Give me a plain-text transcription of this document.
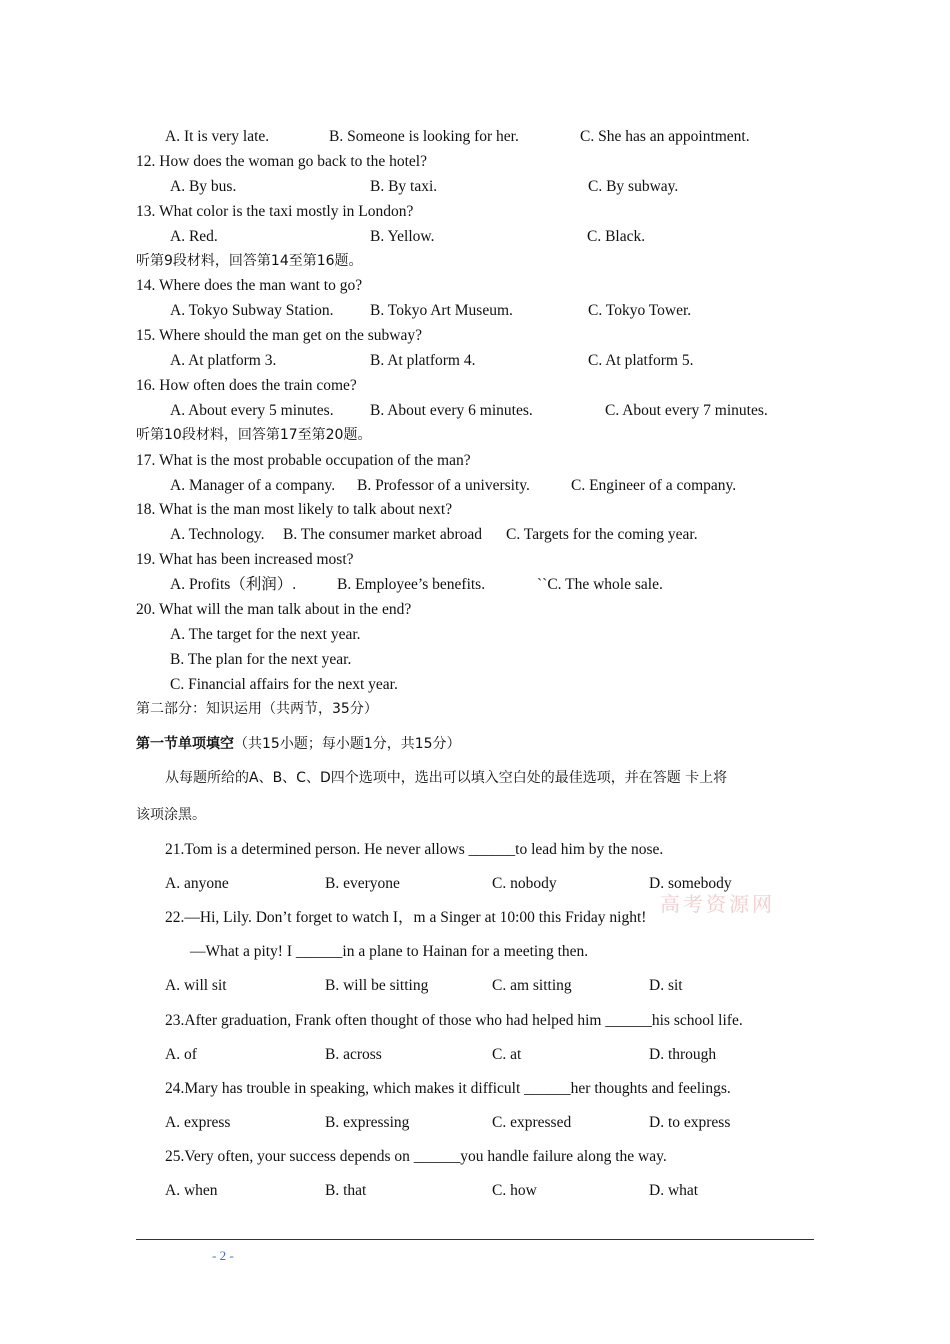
A. It is very late.	B. Someone is looking for her.	C. She has an appointment.
12. How does the woman go back to the hotel?
A. By bus.	B. By taxi.	C. By subway.
13. What color is the taxi mostly in London?
A. Red.	B. Yellow.	C. Black.
听第9段材料，回答第14至第16题。
14. Where does the man want to go?
A. Tokyo Subway Station. B. Tokyo Art Museum.	C. Tokyo Tower.
15. Where should the man get on the subway?
A. At platform 3.	B. At platform 4.	C. At platform 5.
16. How often does the train come?
A. About every 5 minutes. B. About every 6 minutes.	C. About every 7 minutes.
听第10段材料，回答第17至第20题。
17. What is the most probable occupation of the man?
A. Manager of a company. B. Professor of a university.	C. Engineer of a company.
18. What is the man most likely to talk about next?
A. Technology. B. The consumer market abroad C. Targets for the coming year.
19. What has been increased most?
A. Profits（利润）.	B. Employee’s benefits.	``C. The whole sale.
20. What will the man talk about in the end?
A. The target for the next year.
B. The plan for the next year.
C. Financial affairs for the next year.
第二部分：知识运用（共两节，35分）
第一节单项填空（共15小题；每小题1分，共15分）
从每题所给的A、B、C、D四个选项中，选出可以填入空白处的最佳选项，并在答题 卡上将
该项涂黑。
21.Tom is a determined person. He never allows ______to lead him by the nose.
A. anyone	B. everyone	C. nobody	D. somebody
高考资源网
22.—Hi, Lily. Don’t forget to watch I，m a Singer at 10:00 this Friday night!
—What a pity! I ______in a plane to Hainan for a meeting then.
A. will sit	B. will be sitting	C. am sitting	D. sit
23.After graduation, Frank often thought of those who had helped him ______his school life.
A. of	B. across	C. at	D. through
24.Mary has trouble in speaking, which makes it difficult ______her thoughts and feelings.
A. express	B. expressing	C. expressed	D. to express
25.Very often, your success depends on ______you handle failure along the way.
A. when	B. that	C. how	D. what
- 2 -
